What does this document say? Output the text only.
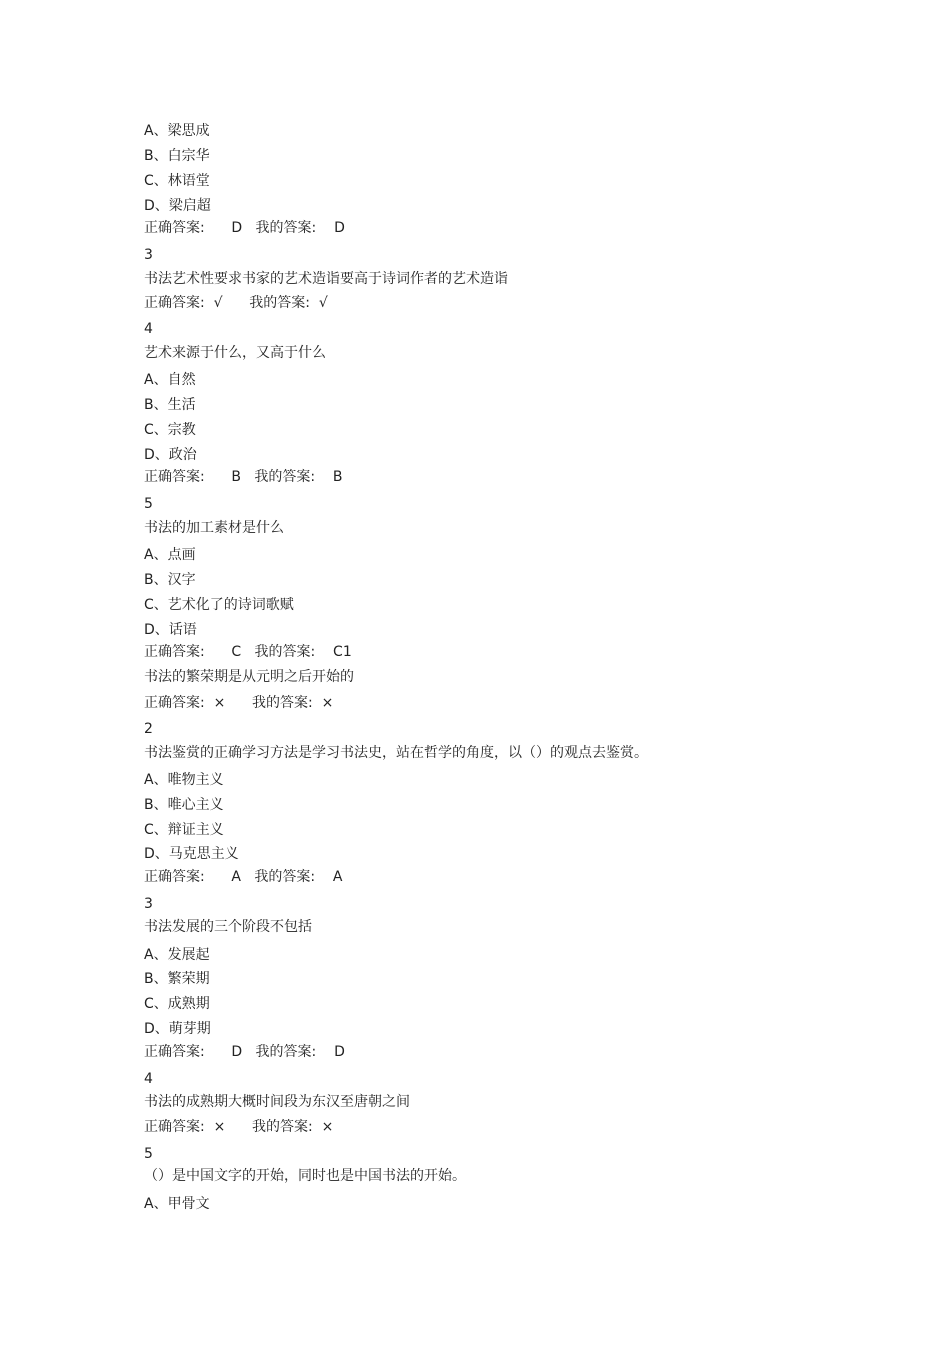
A、梁思成
B、白宗华
C、林语堂
D、梁启超
正确答案:      D   我的答案:    D
3
书法艺术性要求书家的艺术造诣要高于诗词作者的艺术造诣
正确答案:  √      我的答案:  √
4
艺术来源于什么，又高于什么
A、自然
B、生活
C、宗教
D、政治
正确答案:      B   我的答案:    B
5
书法的加工素材是什么
A、点画
B、汉字
C、艺术化了的诗词歌赋
D、话语
正确答案:      C   我的答案:    C1
书法的繁荣期是从元明之后开始的
正确答案:  ×      我的答案:  ×
2
书法鉴赏的正确学习方法是学习书法史，站在哲学的角度，以（）的观点去鉴赏。
A、唯物主义
B、唯心主义
C、辩证主义
D、马克思主义
正确答案:      A   我的答案:    A
3
书法发展的三个阶段不包括
A、发展起
B、繁荣期
C、成熟期
D、萌芽期
正确答案:      D   我的答案:    D
4
书法的成熟期大概时间段为东汉至唐朝之间
正确答案:  ×      我的答案:  ×
5
（）是中国文字的开始，同时也是中国书法的开始。
A、甲骨文
